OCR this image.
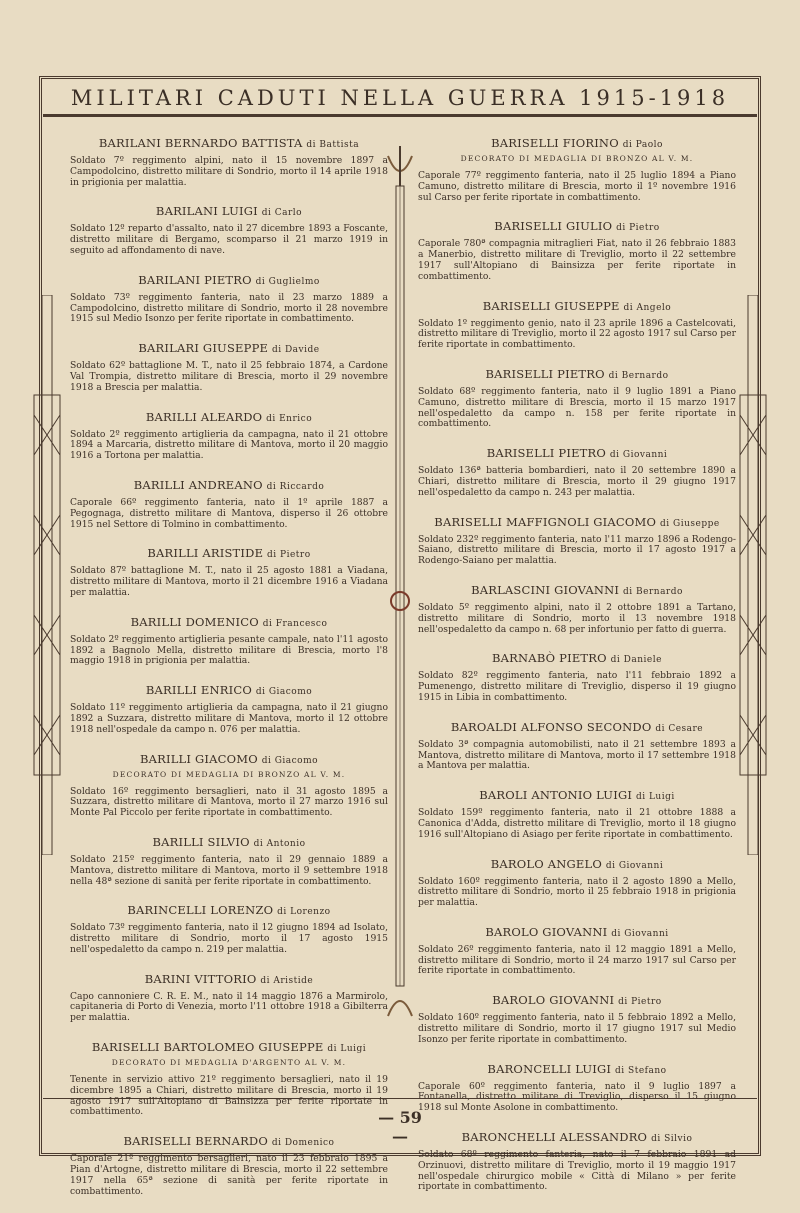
MILITARI CADUTI NELLA GUERRA 1915-1918
BARILANI BERNARDO BATTISTA di Battista

Soldato 7º reggimento alpini, nato il 15 novembre 1897 a Campodolcino, distretto militare di Sondrio, morto il 14 aprile 1918 in prigionia per malattia.

BARILANI LUIGI di Carlo

Soldato 12º reparto d'assalto, nato il 27 dicembre 1893 a Foscante, distretto militare di Bergamo, scomparso il 21 marzo 1919 in seguito ad affondamento di nave.

BARILANI PIETRO di Guglielmo

Soldato 73º reggimento fanteria, nato il 23 marzo 1889 a Campodolcino, distretto militare di Sondrio, morto il 28 novembre 1915 sul Medio Isonzo per ferite riportate in combattimento.

BARILARI GIUSEPPE di Davide

Soldato 62º battaglione M. T., nato il 25 febbraio 1874, a Cardone Val Trompia, distretto militare di Brescia, morto il 29 novembre 1918 a Brescia per malattia.

BARILLI ALEARDO di Enrico

Soldato 2º reggimento artiglieria da campagna, nato il 21 ottobre 1894 a Marcaria, distretto militare di Mantova, morto il 20 maggio 1916 a Tortona per malattia.

BARILLI ANDREANO di Riccardo

Caporale 66º reggimento fanteria, nato il 1º aprile 1887 a Pegognaga, distretto militare di Mantova, disperso il 26 ottobre 1915 nel Settore di Tolmino in combattimento.

BARILLI ARISTIDE di Pietro

Soldato 87º battaglione M. T., nato il 25 agosto 1881 a Viadana, distretto militare di Mantova, morto il 21 dicembre 1916 a Viadana per malattia.

BARILLI DOMENICO di Francesco

Soldato 2º reggimento artiglieria pesante campale, nato l'11 agosto 1892 a Bagnolo Mella, distretto militare di Brescia, morto l'8 maggio 1918 in prigionia per malattia.

BARILLI ENRICO di Giacomo

Soldato 11º reggimento artiglieria da campagna, nato il 21 giugno 1892 a Suzzara, distretto militare di Mantova, morto il 12 ottobre 1918 nell'ospedale da campo n. 076 per malattia.

BARILLI GIACOMO di Giacomo
DECORATO DI MEDAGLIA DI BRONZO AL V. M.

Soldato 16º reggimento bersaglieri, nato il 31 agosto 1895 a Suzzara, distretto militare di Mantova, morto il 27 marzo 1916 sul Monte Pal Piccolo per ferite riportate in combattimento.

BARILLI SILVIO di Antonio

Soldato 215º reggimento fanteria, nato il 29 gennaio 1889 a Mantova, distretto militare di Mantova, morto il 9 settembre 1918 nella 48ª sezione di sanità per ferite riportate in combattimento.

BARINCELLI LORENZO di Lorenzo

Soldato 73º reggimento fanteria, nato il 12 giugno 1894 ad Isolato, distretto militare di Sondrio, morto il 17 agosto 1915 nell'ospedaletto da campo n. 219 per malattia.

BARINI VITTORIO di Aristide

Capo cannoniere C. R. E. M., nato il 14 maggio 1876 a Marmirolo, capitaneria di Porto di Venezia, morto l'11 ottobre 1918 a Gibilterra per malattia.

BARISELLI BARTOLOMEO GIUSEPPE di Luigi
DECORATO DI MEDAGLIA D'ARGENTO AL V. M.

Tenente in servizio attivo 21º reggimento bersaglieri, nato il 19 dicembre 1895 a Chiari, distretto militare di Brescia, morto il 19 agosto 1917 sull'Altopiano di Bainsizza per ferite riportate in combattimento.

BARISELLI BERNARDO di Domenico

Caporale 21º reggimento bersaglieri, nato il 23 febbraio 1895 a Pian d'Artogne, distretto militare di Brescia, morto il 22 settembre 1917 nella 65ª sezione di sanità per ferite riportate in combattimento.

BARISELLI FIORINO di Paolo
DECORATO DI MEDAGLIA DI BRONZO AL V. M.

Caporale 77º reggimento fanteria, nato il 25 luglio 1894 a Piano Camuno, distretto militare di Brescia, morto il 1º novembre 1916 sul Carso per ferite riportate in combattimento.

BARISELLI GIULIO di Pietro

Caporale 780ª compagnia mitraglieri Fiat, nato il 26 febbraio 1883 a Manerbio, distretto militare di Treviglio, morto il 22 settembre 1917 sull'Altopiano di Bainsizza per ferite riportate in combattimento.

BARISELLI GIUSEPPE di Angelo

Soldato 1º reggimento genio, nato il 23 aprile 1896 a Castelcovati, distretto militare di Treviglio, morto il 22 agosto 1917 sul Carso per ferite riportate in combattimento.

BARISELLI PIETRO di Bernardo

Soldato 68º reggimento fanteria, nato il 9 luglio 1891 a Piano Camuno, distretto militare di Brescia, morto il 15 marzo 1917 nell'ospedaletto da campo n. 158 per ferite riportate in combattimento.

BARISELLI PIETRO di Giovanni

Soldato 136ª batteria bombardieri, nato il 20 settembre 1890 a Chiari, distretto militare di Brescia, morto il 29 giugno 1917 nell'ospedaletto da campo n. 243 per malattia.

BARISELLI MAFFIGNOLI GIACOMO di Giuseppe

Soldato 232º reggimento fanteria, nato l'11 marzo 1896 a Rodengo-Saiano, distretto militare di Brescia, morto il 17 agosto 1917 a Rodengo-Saiano per malattia.

BARLASCINI GIOVANNI di Bernardo

Soldato 5º reggimento alpini, nato il 2 ottobre 1891 a Tartano, distretto militare di Sondrio, morto il 13 novembre 1918 nell'ospedaletto da campo n. 68 per infortunio per fatto di guerra.

BARNABÒ PIETRO di Daniele

Soldato 82º reggimento fanteria, nato l'11 febbraio 1892 a Pumenengo, distretto militare di Treviglio, disperso il 19 giugno 1915 in Libia in combattimento.

BAROALDI ALFONSO SECONDO di Cesare

Soldato 3ª compagnia automobilisti, nato il 21 settembre 1893 a Mantova, distretto militare di Mantova, morto il 17 settembre 1918 a Mantova per malattia.

BAROLI ANTONIO LUIGI di Luigi

Soldato 159º reggimento fanteria, nato il 21 ottobre 1888 a Canonica d'Adda, distretto militare di Treviglio, morto il 18 giugno 1916 sull'Altopiano di Asiago per ferite riportate in combattimento.

BAROLO ANGELO di Giovanni

Soldato 160º reggimento fanteria, nato il 2 agosto 1890 a Mello, distretto militare di Sondrio, morto il 25 febbraio 1918 in prigionia per malattia.

BAROLO GIOVANNI di Giovanni

Soldato 26º reggimento fanteria, nato il 12 maggio 1891 a Mello, distretto militare di Sondrio, morto il 24 marzo 1917 sul Carso per ferite riportate in combattimento.

BAROLO GIOVANNI di Pietro

Soldato 160º reggimento fanteria, nato il 5 febbraio 1892 a Mello, distretto militare di Sondrio, morto il 17 giugno 1917 sul Medio Isonzo per ferite riportate in combattimento.

BARONCELLI LUIGI di Stefano

Caporale 60º reggimento fanteria, nato il 9 luglio 1897 a Fontanella, distretto militare di Treviglio, disperso il 15 giugno 1918 sul Monte Asolone in combattimento.

BARONCHELLI ALESSANDRO di Silvio

Soldato 68º reggimento fanteria, nato il 7 febbraio 1891 ad Orzinuovi, distretto militare di Treviglio, morto il 19 maggio 1917 nell'ospedale chirurgico mobile « Città di Milano » per ferite riportate in combattimento.

— 59 —
